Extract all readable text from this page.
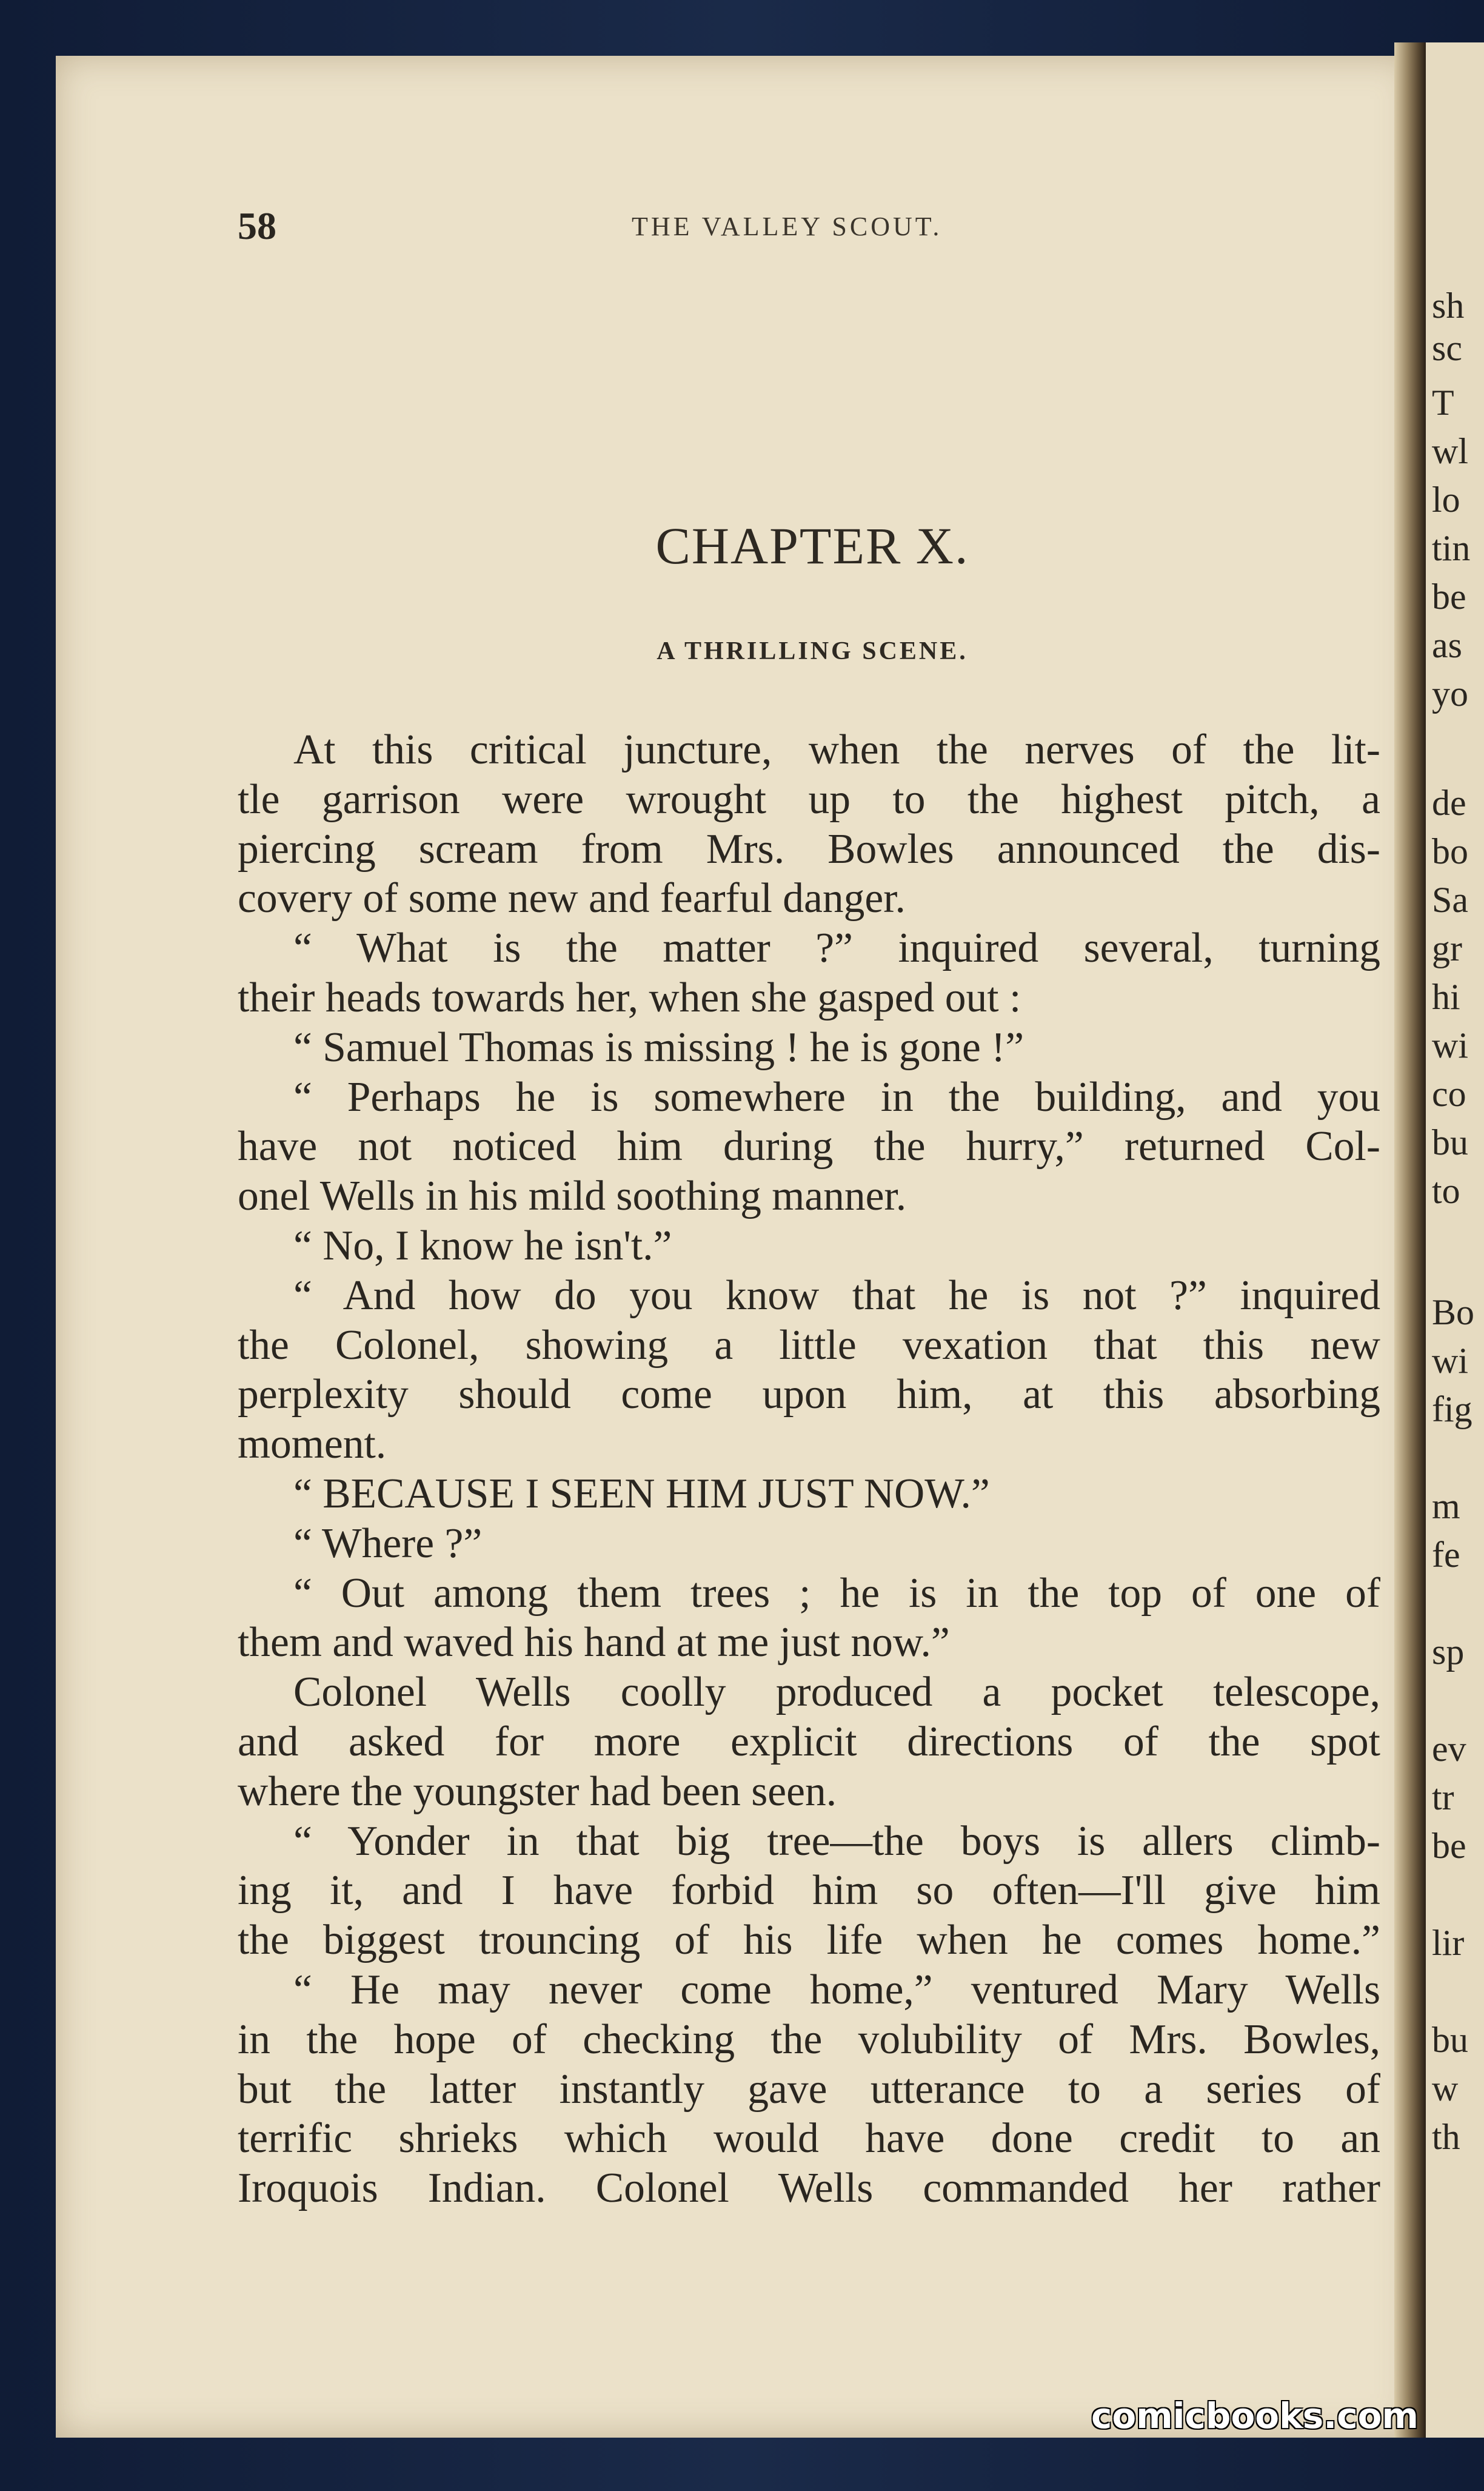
sh
sc
T
wl
lo
tin
be
as
yo
de
bo
Sa
gr
hi
wi
co
bu
to
Bo
wi
fig
m
fe
sp
ev
tr
be
lir
bu
w
th
58	THE VALLEY SCOUT.
CHAPTER X.
A THRILLING SCENE.
At this critical juncture, when the nerves of the lit-
tle garrison were wrought up to the highest pitch, a
piercing scream from Mrs. Bowles announced the dis-
covery of some new and fearful danger.
“ What is the matter ?” inquired several, turning
their heads towards her, when she gasped out :
“ Samuel Thomas is missing ! he is gone !”
“ Perhaps he is somewhere in the building, and you
have not noticed him during the hurry,” returned Col-
onel Wells in his mild soothing manner.
“ No, I know he isn't.”
“ And how do you know that he is not ?” inquired
the Colonel, showing a little vexation that this new
perplexity should come upon him, at this absorbing
moment.
“ BECAUSE I SEEN HIM JUST NOW.”
“ Where ?”
“ Out among them trees ; he is in the top of one of
them and waved his hand at me just now.”
Colonel Wells coolly produced a pocket telescope,
and asked for more explicit directions of the spot
where the youngster had been seen.
“ Yonder in that big tree—the boys is allers climb-
ing it, and I have forbid him so often—I'll give him
the biggest trouncing of his life when he comes home.”
“ He may never come home,” ventured Mary Wells
in the hope of checking the volubility of Mrs. Bowles,
but the latter instantly gave utterance to a series of
terrific shrieks which would have done credit to an
Iroquois Indian. Colonel Wells commanded her rather
comicbooks.com
